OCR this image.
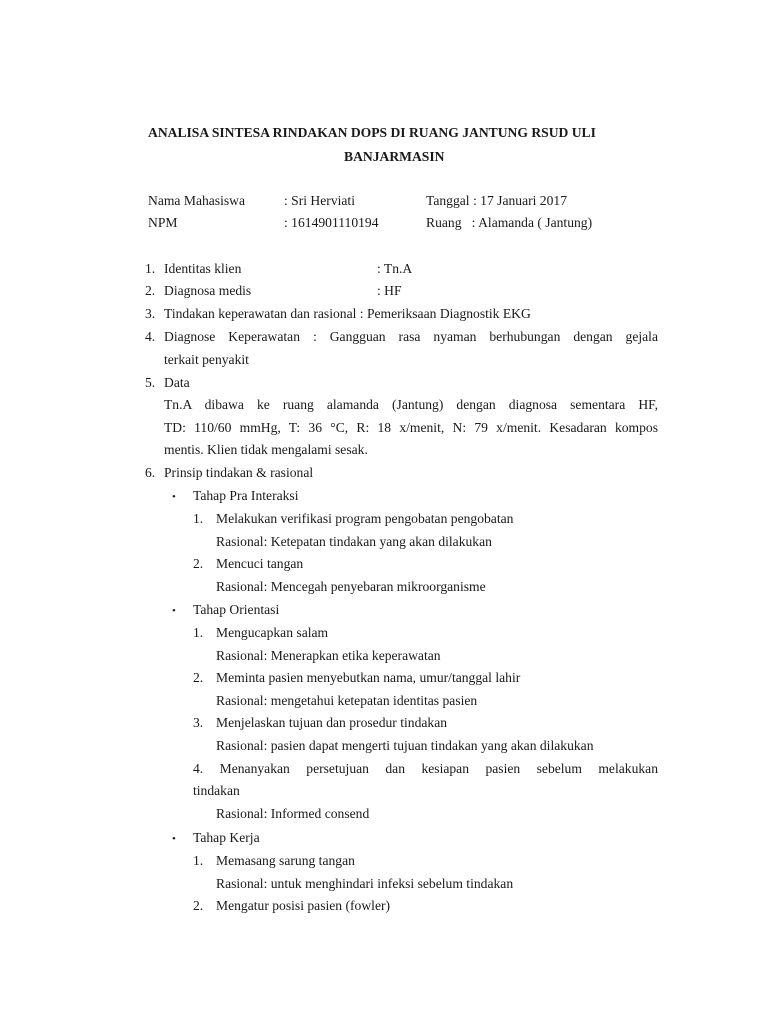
ANALISA SINTESA RINDAKAN DOPS DI RUANG JANTUNG RSUD ULI
BANJARMASIN
Nama Mahasiswa	: Sri Herviati	Tanggal : 17 Januari 2017
NPM	: 1614901110194	Ruang   : Alamanda ( Jantung)
1. Identitas klien	: Tn.A
2. Diagnosa medis	: HF
3. Tindakan keperawatan dan rasional : Pemeriksaan Diagnostik EKG
4. Diagnose Keperawatan : Gangguan rasa nyaman berhubungan dengan gejala
terkait penyakit
5. Data
Tn.A dibawa ke ruang alamanda (Jantung) dengan diagnosa sementara HF,
TD: 110/60 mmHg, T: 36 °C, R: 18 x/menit, N: 79 x/menit. Kesadaran kompos
mentis. Klien tidak mengalami sesak.
6. Prinsip tindakan & rasional
• Tahap Pra Interaksi
1. Melakukan verifikasi program pengobatan pengobatan
Rasional: Ketepatan tindakan yang akan dilakukan
2. Mencuci tangan
Rasional: Mencegah penyebaran mikroorganisme
• Tahap Orientasi
1. Mengucapkan salam
Rasional: Menerapkan etika keperawatan
2. Meminta pasien menyebutkan nama, umur/tanggal lahir
Rasional: mengetahui ketepatan identitas pasien
3. Menjelaskan tujuan dan prosedur tindakan
Rasional: pasien dapat mengerti tujuan tindakan yang akan dilakukan
4. Menanyakan persetujuan dan kesiapan pasien sebelum melakukan
tindakan
Rasional: Informed consend
• Tahap Kerja
1. Memasang sarung tangan
Rasional: untuk menghindari infeksi sebelum tindakan
2. Mengatur posisi pasien (fowler)
